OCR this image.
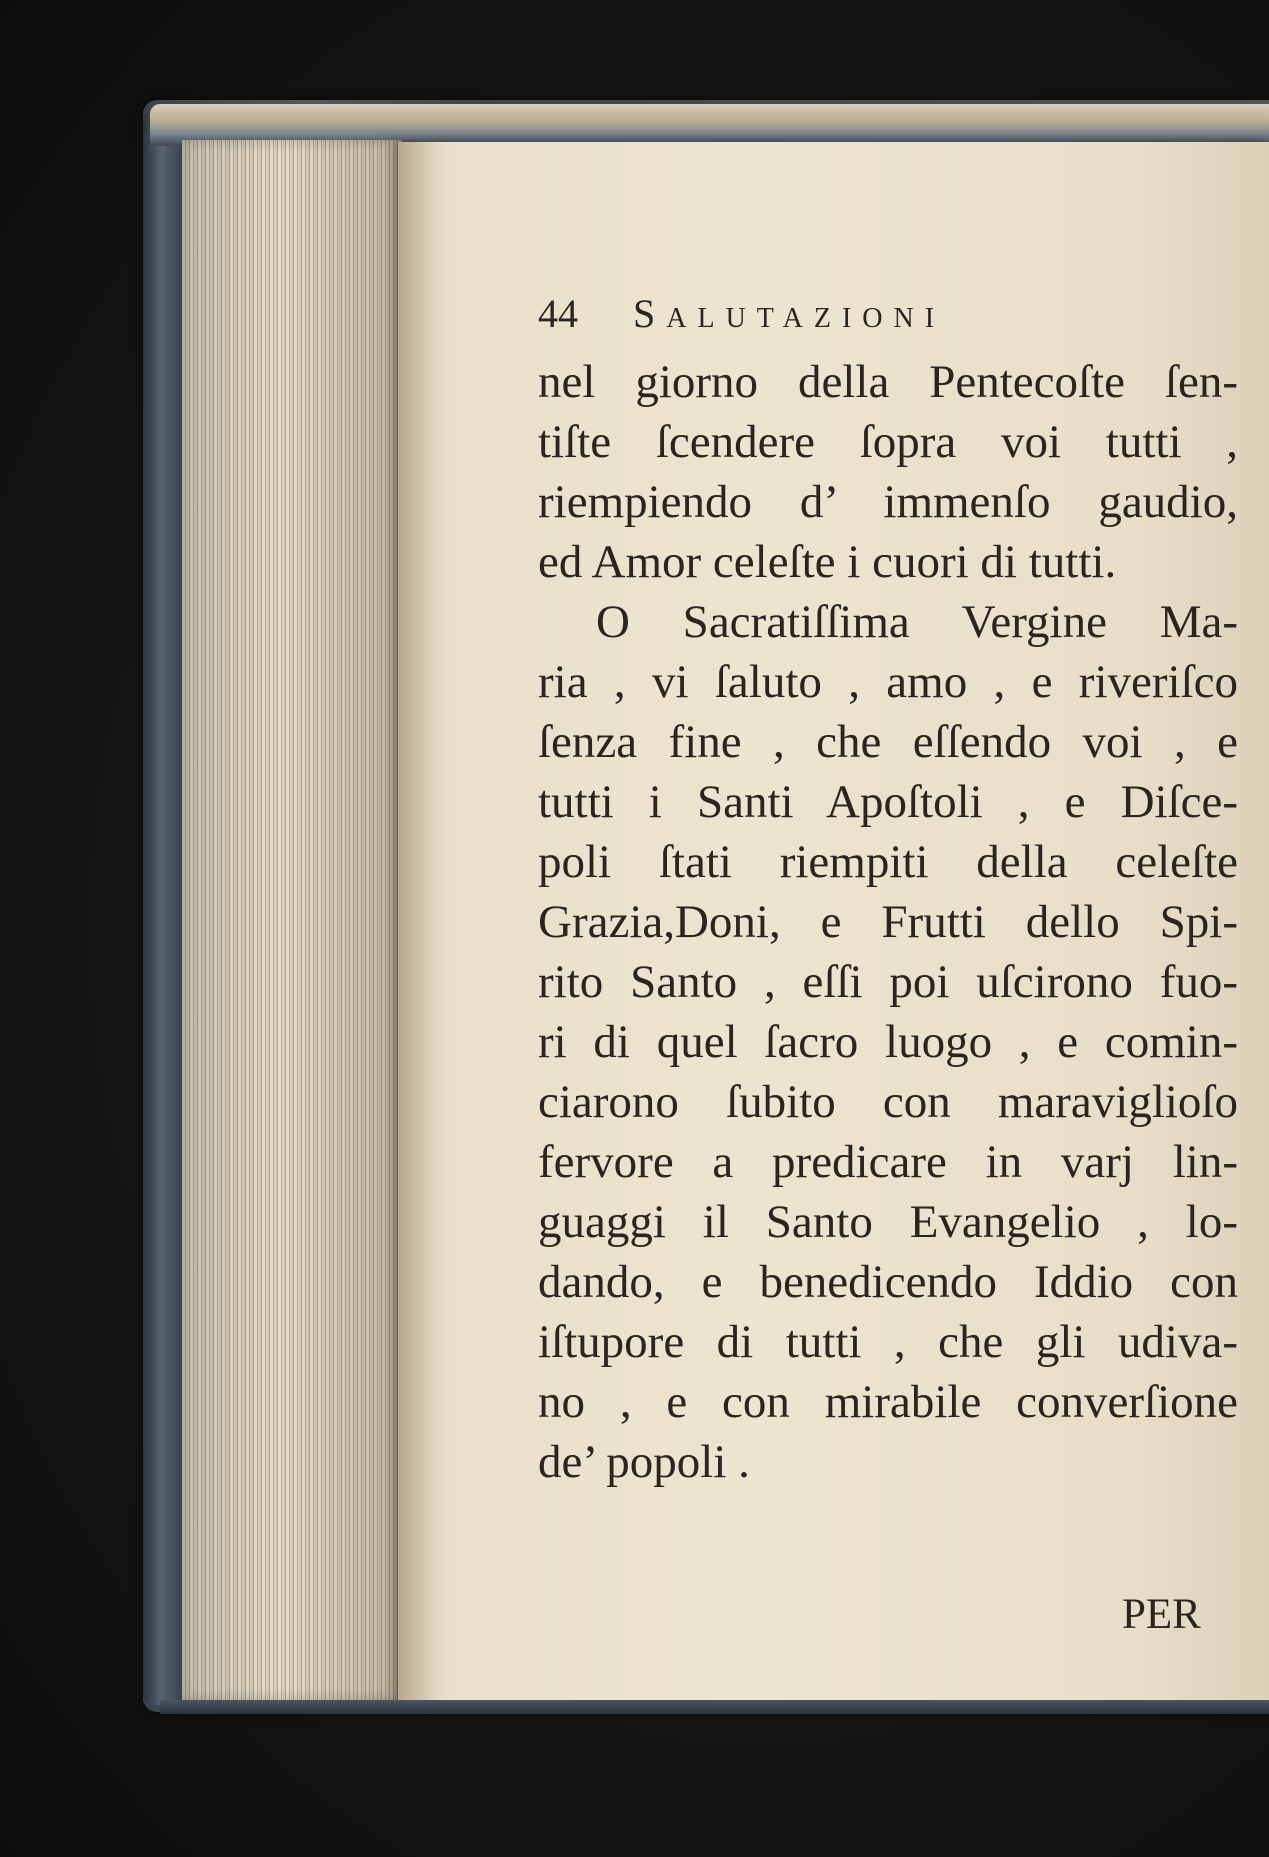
44	Salutazioni
nel giorno della Pentecoſte ſen-
tiſte ſcendere ſopra voi tutti ,
riempiendo d’ immenſo gaudio,
ed Amor celeſte i cuori di tutti.
O Sacratiſſima Vergine Ma-
ria , vi ſaluto , amo , e riveriſco
ſenza fine , che eſſendo voi , e
tutti i Santi Apoſtoli , e Diſce-
poli ſtati riempiti della celeſte
Grazia,Doni, e Frutti dello Spi-
rito Santo , eſſi poi uſcirono fuo-
ri di quel ſacro luogo , e comin-
ciarono ſubito con maraviglioſo
fervore a predicare in varj lin-
guaggi il Santo Evangelio , lo-
dando, e benedicendo Iddio con
iſtupore di tutti , che gli udiva-
no , e con mirabile converſione
de’ popoli .
PER
